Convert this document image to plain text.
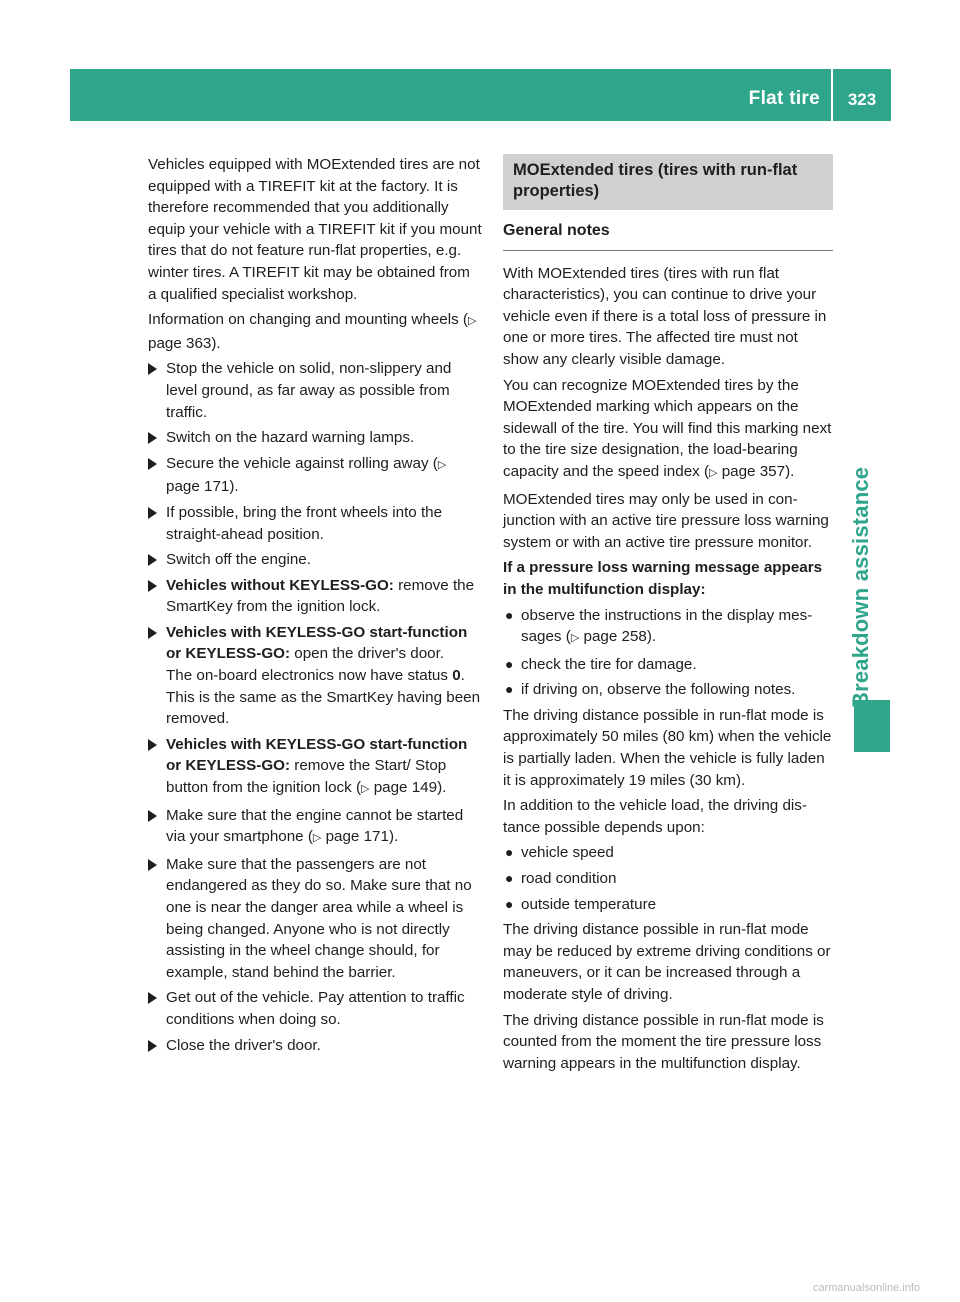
Flat tire	323
Breakdown assistance

Vehicles equipped with MOExtended tires are not equipped with a TIREFIT kit at the factory. It is therefore recommended that you additionally equip your vehicle with a TIREFIT kit if you mount tires that do not feature run-flat properties, e.g. winter tires. A TIREFIT kit may be obtained from a qualified specialist workshop.

Information on changing and mounting wheels (▷ page 363).

Stop the vehicle on solid, non-slippery and level ground, as far away as possible from traffic.
Switch on the hazard warning lamps.
Secure the vehicle against rolling away (▷ page 171).
If possible, bring the front wheels into the straight-ahead position.
Switch off the engine.
Vehicles without KEYLESS-GO: remove the SmartKey from the ignition lock.
Vehicles with KEYLESS-GO start-function or KEYLESS-GO: open the driver's door.
The on-board electronics now have status 0. This is the same as the SmartKey having been removed.
Vehicles with KEYLESS-GO start-function or KEYLESS-GO: remove the Start/ Stop button from the ignition lock (▷ page 149).
Make sure that the engine cannot be started via your smartphone (▷ page 171).
Make sure that the passengers are not endangered as they do so. Make sure that no one is near the danger area while a wheel is being changed. Anyone who is not directly assisting in the wheel change should, for example, stand behind the barrier.
Get out of the vehicle. Pay attention to traffic conditions when doing so.
Close the driver's door.
MOExtended tires (tires with run-flat properties)
General notes

With MOExtended tires (tires with run flat characteristics), you can continue to drive your vehicle even if there is a total loss of pressure in one or more tires. The affected tire must not show any clearly visible damage.

You can recognize MOExtended tires by the MOExtended marking which appears on the sidewall of the tire. You will find this marking next to the tire size designation, the load-bearing capacity and the speed index (▷ page 357).

MOExtended tires may only be used in conjunction with an active tire pressure loss warning system or with an active tire pressure monitor.

If a pressure loss warning message appears in the multifunction display:

● observe the instructions in the display messages (▷ page 258).
● check the tire for damage.
● if driving on, observe the following notes.

The driving distance possible in run-flat mode is approximately 50 miles (80 km) when the vehicle is partially laden. When the vehicle is fully laden it is approximately 19 miles (30 km).

In addition to the vehicle load, the driving distance possible depends upon:

● vehicle speed
● road condition
● outside temperature

The driving distance possible in run-flat mode may be reduced by extreme driving conditions or maneuvers, or it can be increased through a moderate style of driving.

The driving distance possible in run-flat mode is counted from the moment the tire pressure loss warning appears in the multifunction display.

carmanualsonline.info
